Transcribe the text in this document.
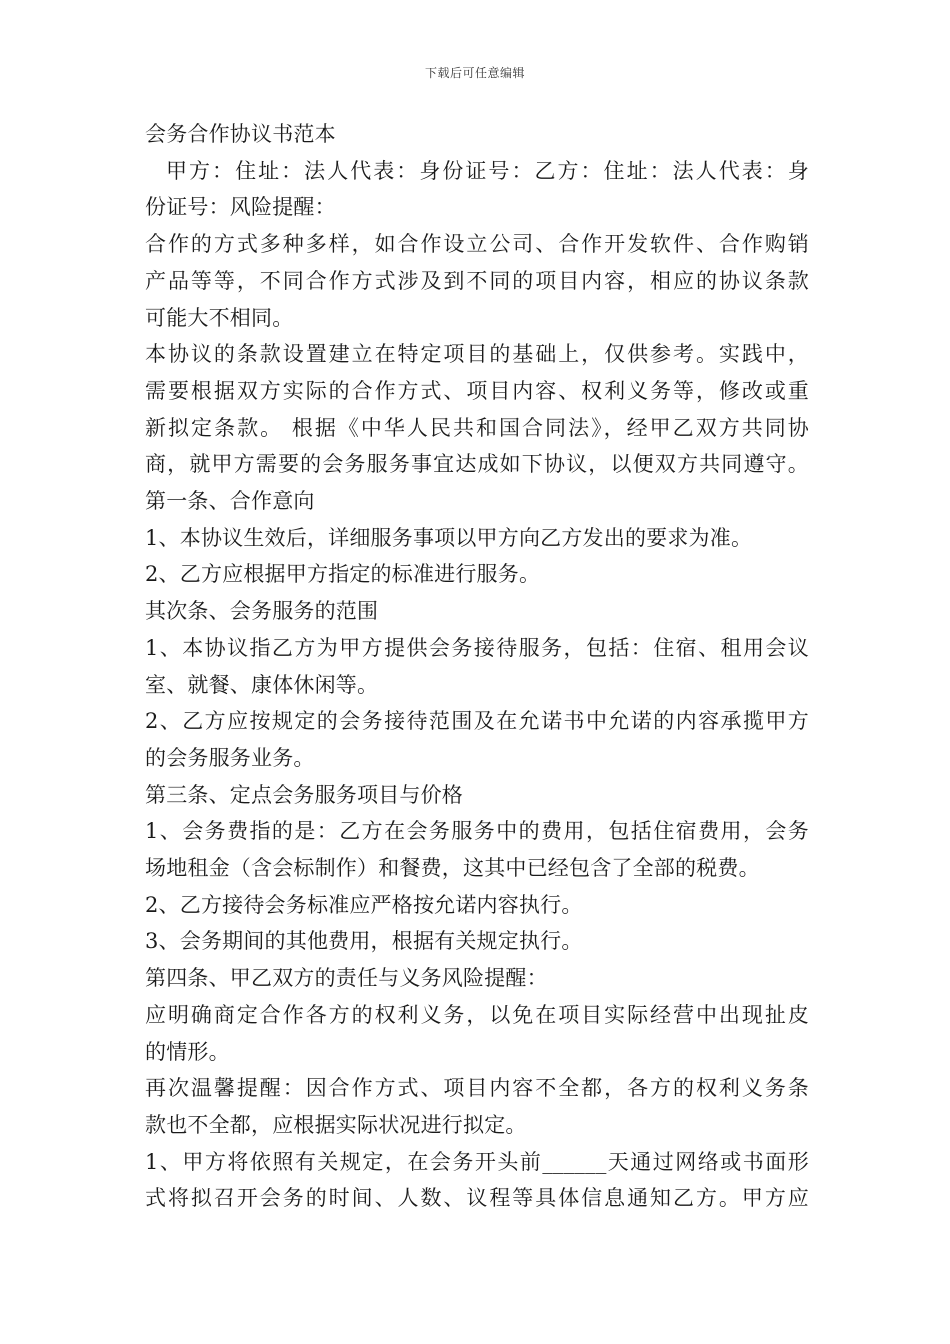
下载后可任意编辑

会务合作协议书范本

甲方：住址：法人代表：身份证号：乙方：住址：法人代表：身

份证号：风险提醒：

合作的方式多种多样，如合作设立公司、合作开发软件、合作购销

产品等等，不同合作方式涉及到不同的项目内容，相应的协议条款

可能大不相同。

本协议的条款设置建立在特定项目的基础上，仅供参考。实践中，

需要根据双方实际的合作方式、项目内容、权利义务等，修改或重

新拟定条款。 根据《中华人民共和国合同法》，经甲乙双方共同协

商，就甲方需要的会务服务事宜达成如下协议，以便双方共同遵守。

第一条、合作意向

1、本协议生效后，详细服务事项以甲方向乙方发出的要求为准。

2、乙方应根据甲方指定的标准进行服务。

其次条、会务服务的范围

1、本协议指乙方为甲方提供会务接待服务，包括：住宿、租用会议

室、就餐、康体休闲等。

2、乙方应按规定的会务接待范围及在允诺书中允诺的内容承揽甲方

的会务服务业务。

第三条、定点会务服务项目与价格

1、会务费指的是：乙方在会务服务中的费用，包括住宿费用，会务

场地租金（含会标制作）和餐费，这其中已经包含了全部的税费。

2、乙方接待会务标准应严格按允诺内容执行。

3、会务期间的其他费用，根据有关规定执行。

第四条、甲乙双方的责任与义务风险提醒：

应明确商定合作各方的权利义务，以免在项目实际经营中出现扯皮

的情形。

再次温馨提醒：因合作方式、项目内容不全都，各方的权利义务条

款也不全都，应根据实际状况进行拟定。

1、甲方将依照有关规定，在会务开头前______天通过网络或书面形

式将拟召开会务的时间、人数、议程等具体信息通知乙方。甲方应
